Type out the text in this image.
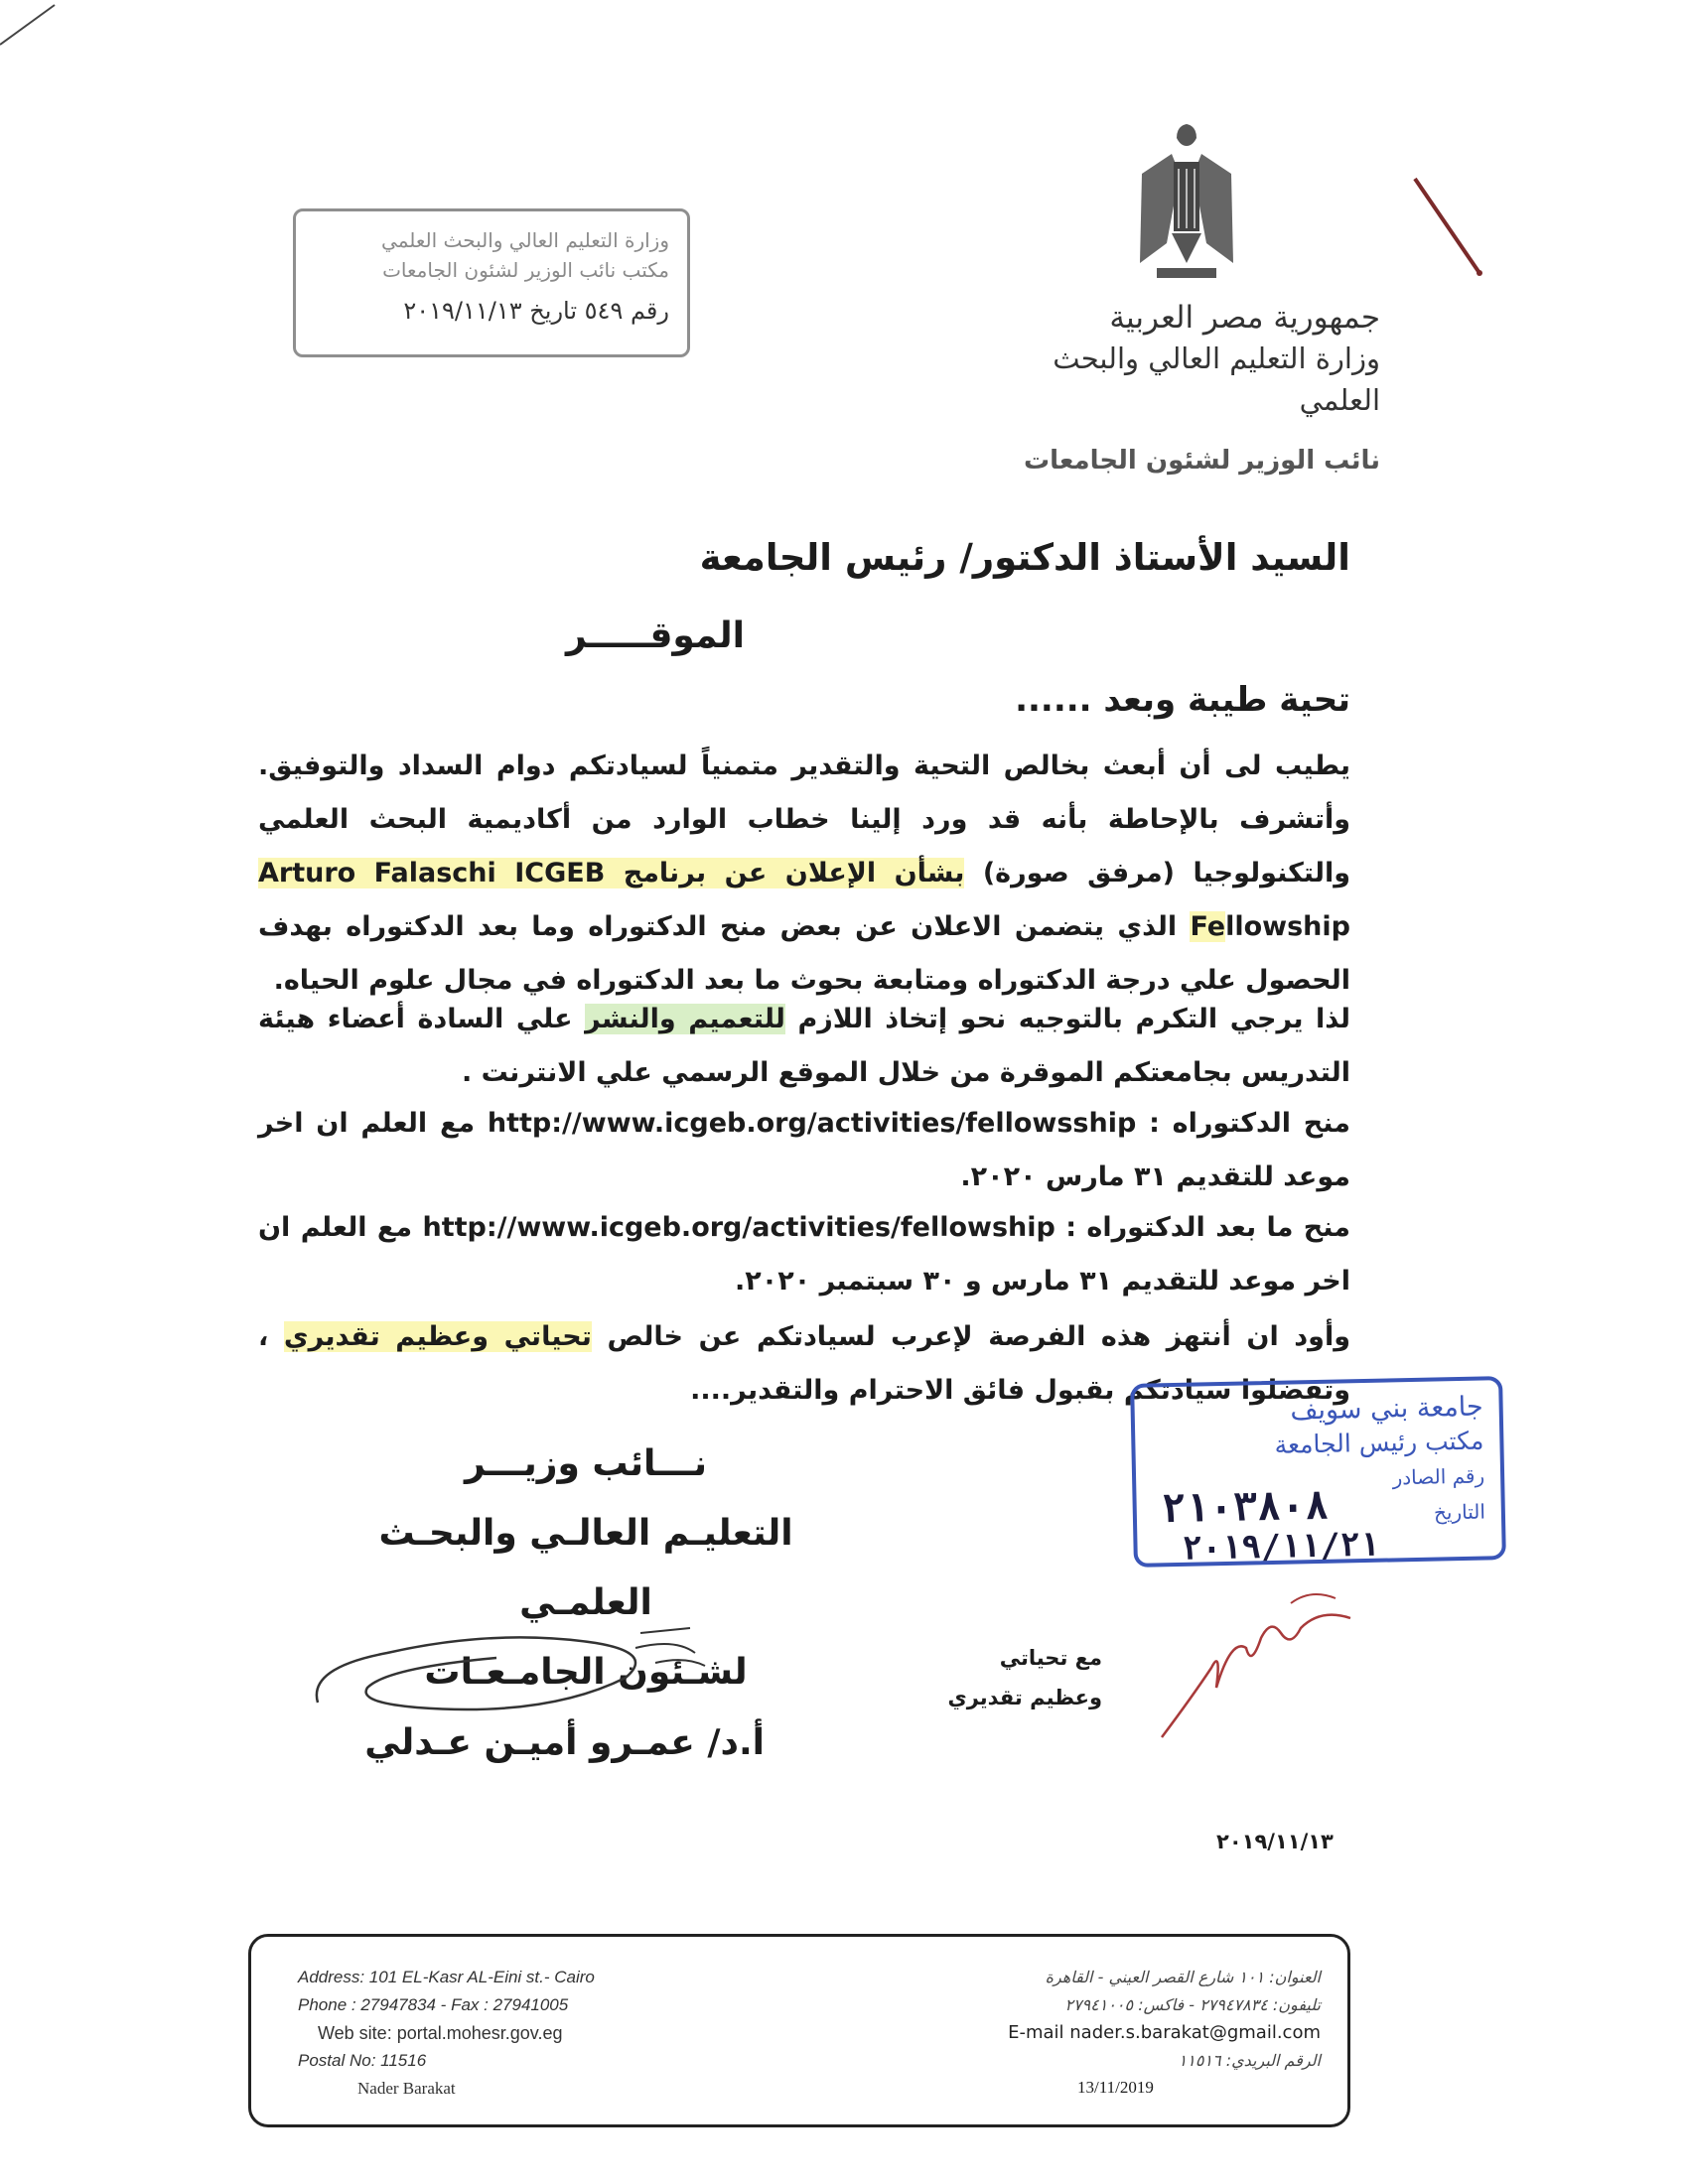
جمهورية مصر العربية
وزارة التعليم العالي والبحث العلمي
نائب الوزير لشئون الجامعات
وزارة التعليم العالي والبحث العلمي
مكتب نائب الوزير لشئون الجامعات
رقم ٥٤٩ تاريخ ٢٠١٩/١١/١٣
السيد الأستاذ الدكتور/ رئيس الجامعة
الموقـــــر
تحية طيبة وبعد ......
يطيب لى أن أبعث بخالص التحية والتقدير متمنياً لسيادتكم دوام السداد والتوفيق. وأتشرف بالإحاطة بأنه قد ورد إلينا خطاب الوارد من أكاديمية البحث العلمي والتكنولوجيا (مرفق صورة) بشأن الإعلان عن برنامج Arturo Falaschi ICGEB Fellowship الذي يتضمن الاعلان عن بعض منح الدكتوراه وما بعد الدكتوراه بهدف الحصول علي درجة الدكتوراه ومتابعة بحوث ما بعد الدكتوراه في مجال علوم الحياه.
لذا يرجي التكرم بالتوجيه نحو إتخاذ اللازم للتعميم والنشر علي السادة أعضاء هيئة التدريس بجامعتكم الموقرة من خلال الموقع الرسمي علي الانترنت .
منح الدكتوراه : http://www.icgeb.org/activities/fellowsship مع العلم ان اخر موعد للتقديم ٣١ مارس ٢٠٢٠.
منح ما بعد الدكتوراه : http://www.icgeb.org/activities/fellowship مع العلم ان اخر موعد للتقديم ٣١ مارس و ٣٠ سبتمبر ٢٠٢٠.
وأود ان أنتهز هذه الفرصة لإعرب لسيادتكم عن خالص تحياتي وعظيم تقديري ، وتفضلوا سيادتكم بقبول فائق الاحترام والتقدير....
نـــائب وزيـــر
التعليـم العالـي والبحـث العلمـي
لشـئون الجامـعـات
أ.د/ عمـرو أميـن عـدلي
مع تحياتي
وعظيم تقديري
جامعة بني سويف
مكتب رئيس الجامعة
رقم الصادر
التاريخ
٢١٠٣٨٠٨
٢٠١٩/١١/٢١
٢٠١٩/١١/١٣
Address: 101 EL-Kasr AL-Eini st.- Cairo
Phone : 27947834 - Fax : 27941005
Web site: portal.mohesr.gov.eg
Postal No: 11516
Nader Barakat
العنوان: ١٠١ شارع القصر العيني - القاهرة
تليفون: ٢٧٩٤٧٨٣٤ - فاكس: ٢٧٩٤١٠٠٥
E-mail nader.s.barakat@gmail.com
الرقم البريدي: ١١٥١٦
13/11/2019
